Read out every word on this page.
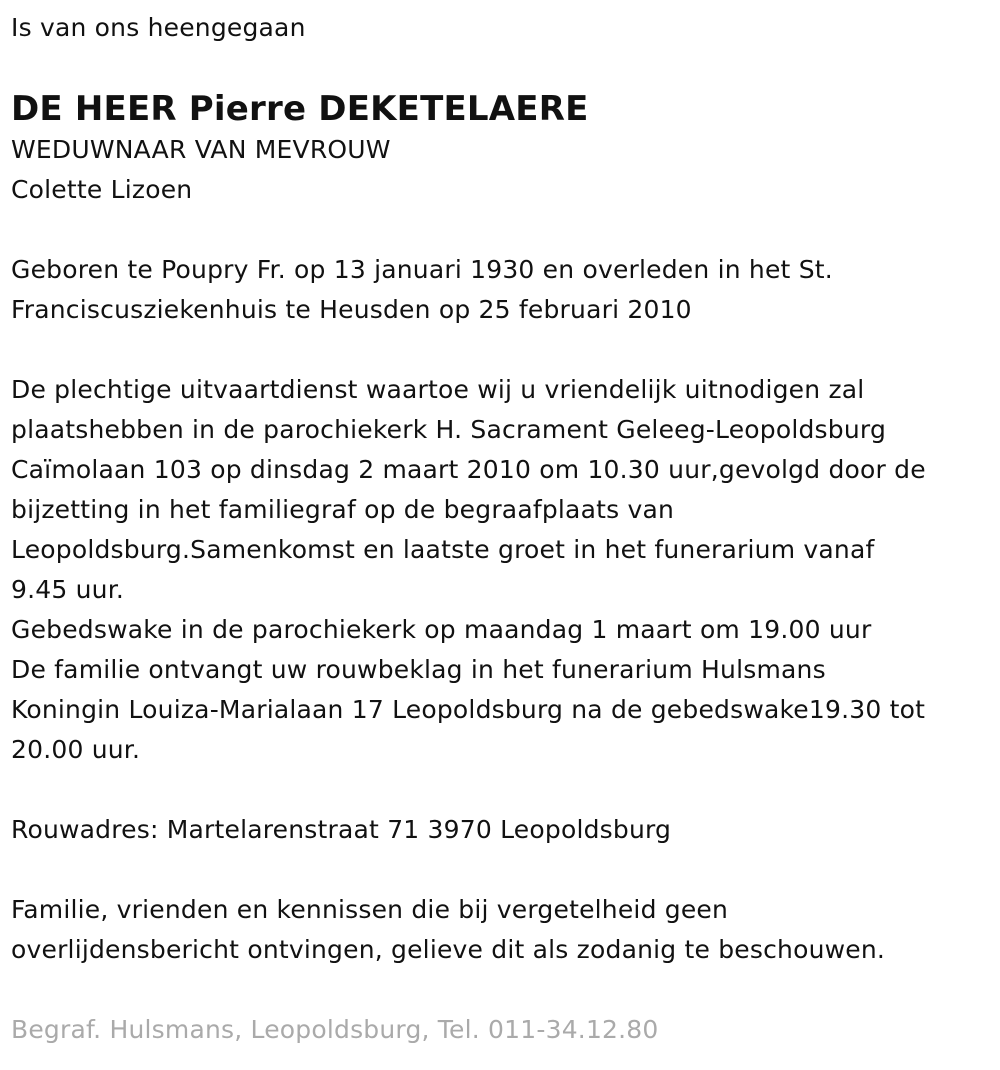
Is van ons heengegaan
DE HEER Pierre DEKETELAERE
WEDUWNAAR VAN MEVROUW
Colette Lizoen
Geboren te Poupry Fr. op 13 januari 1930 en overleden in het St.
Franciscusziekenhuis te Heusden op 25 februari 2010
De plechtige uitvaartdienst waartoe wij u vriendelijk uitnodigen zal
plaatshebben in de parochiekerk H. Sacrament Geleeg-Leopoldsburg
Caïmolaan 103 op dinsdag 2 maart 2010 om 10.30 uur,gevolgd door de
bijzetting in het familiegraf op de begraafplaats van
Leopoldsburg.Samenkomst en laatste groet in het funerarium vanaf
9.45 uur.
Gebedswake in de parochiekerk op maandag 1 maart om 19.00 uur
De familie ontvangt uw rouwbeklag in het funerarium Hulsmans
Koningin Louiza-Marialaan 17 Leopoldsburg na de gebedswake19.30 tot
20.00 uur.
Rouwadres: Martelarenstraat 71 3970 Leopoldsburg
Familie, vrienden en kennissen die bij vergetelheid geen
overlijdensbericht ontvingen, gelieve dit als zodanig te beschouwen.
Begraf. Hulsmans, Leopoldsburg, Tel. 011-34.12.80
